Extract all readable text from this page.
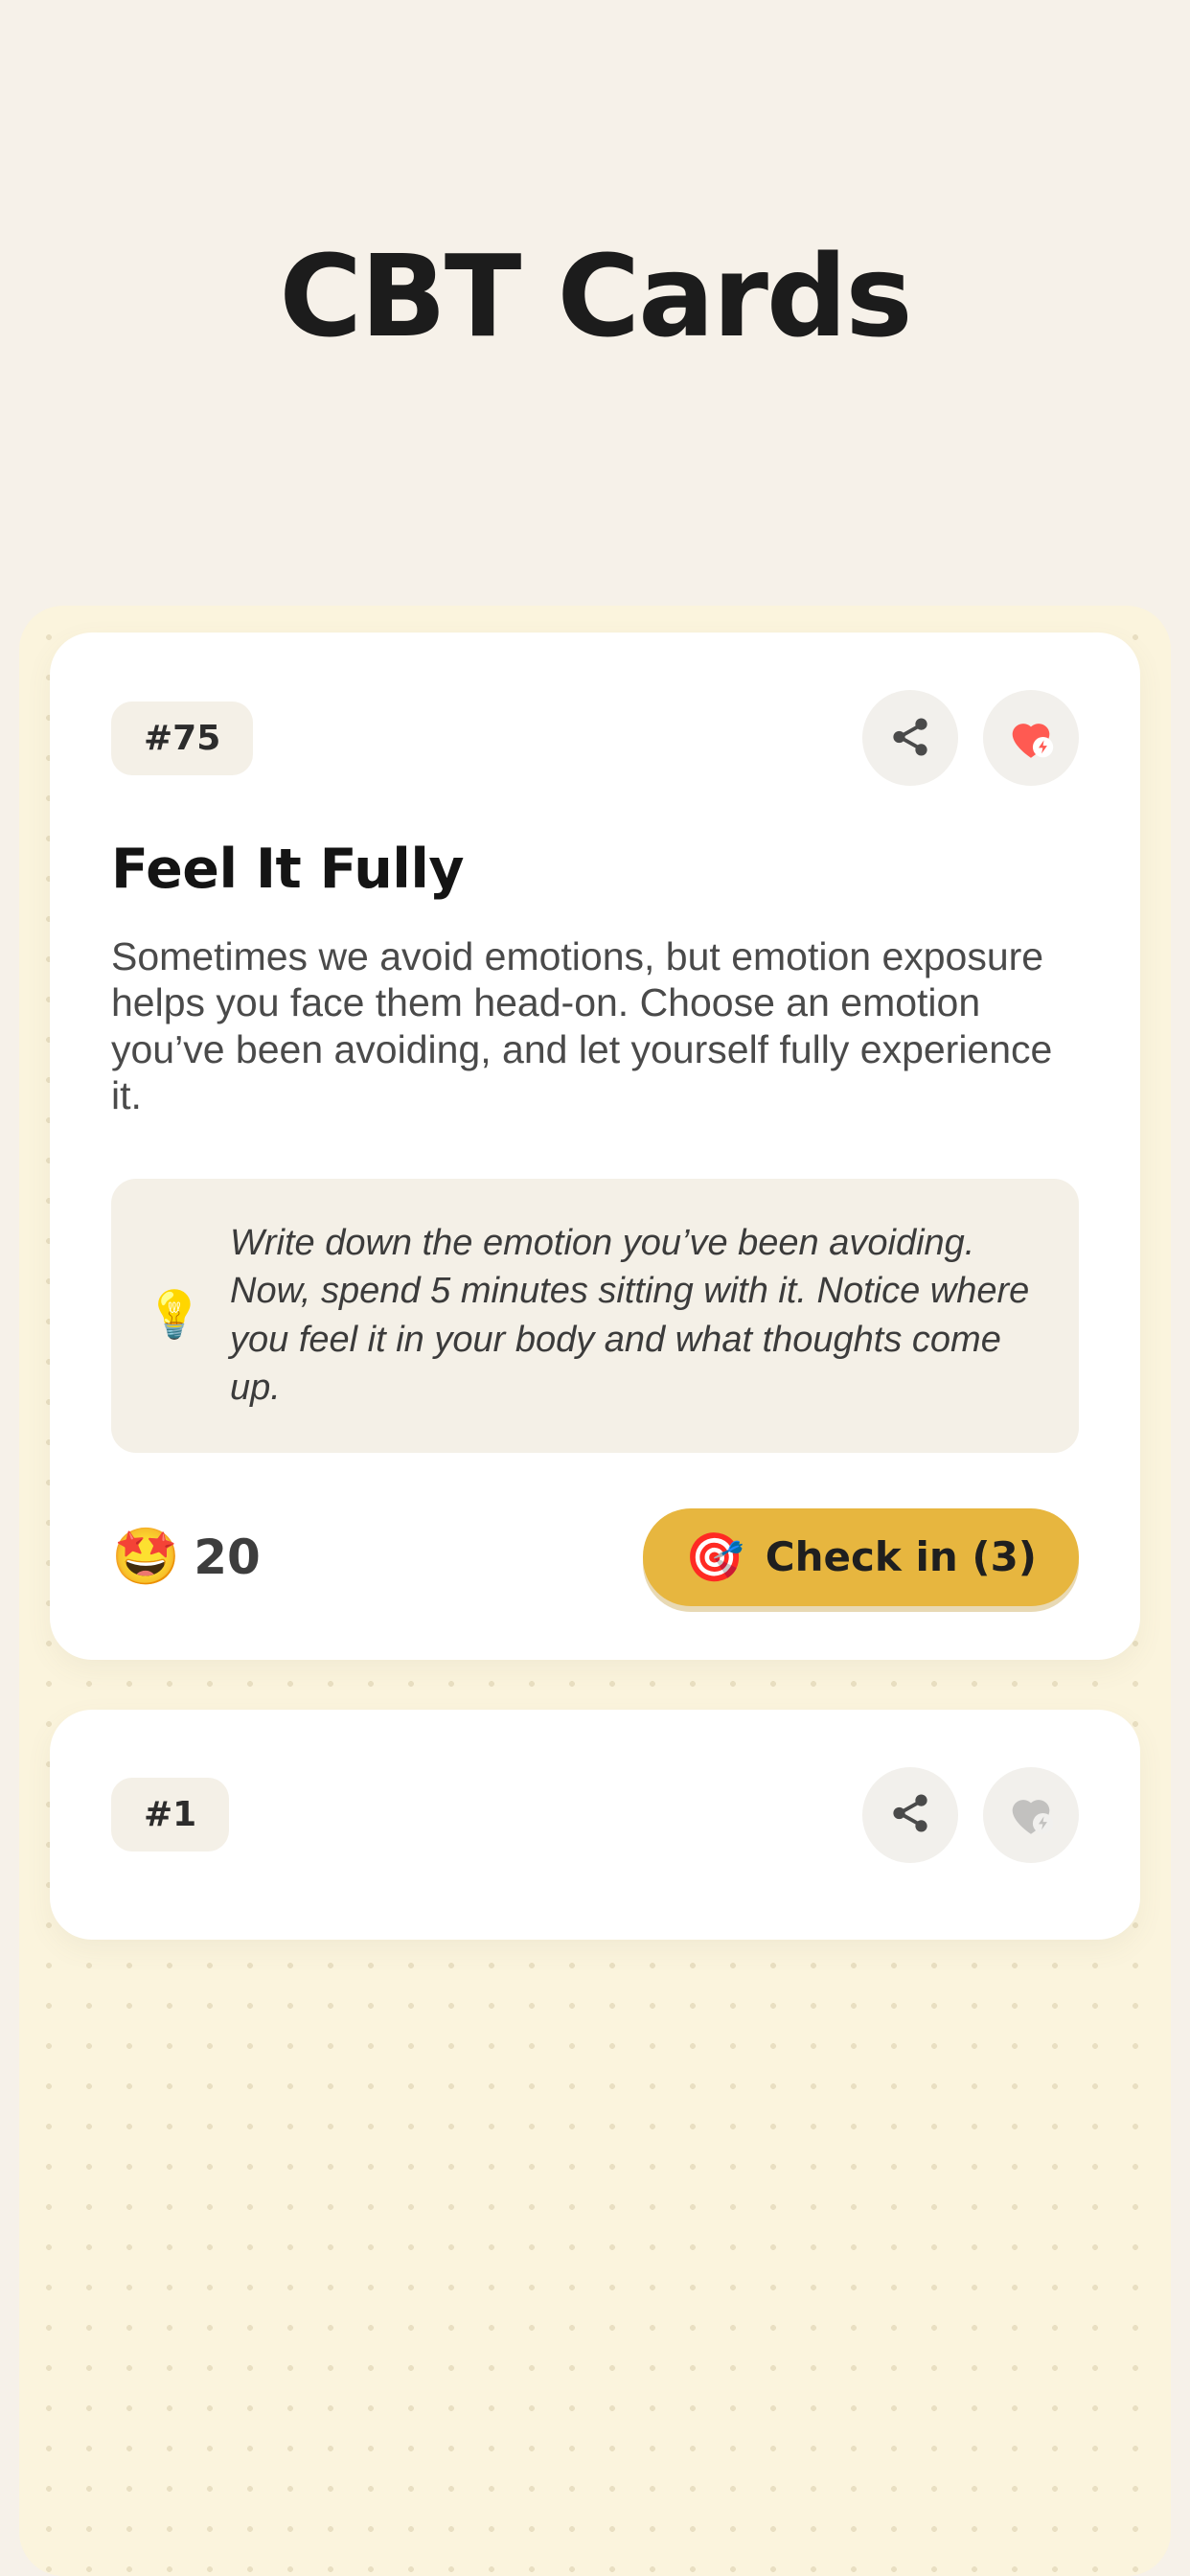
CBT Cards
#75
Feel It Fully
Sometimes we avoid emotions, but emotion exposure helps you face them head-on. Choose an emotion you’ve been avoiding, and let yourself fully experience it.
💡
Write down the emotion you’ve been avoiding. Now, spend 5 minutes sitting with it. Notice where you feel it in your body and what thoughts come up.
🤩 20	🎯 Check in (3)
#1
